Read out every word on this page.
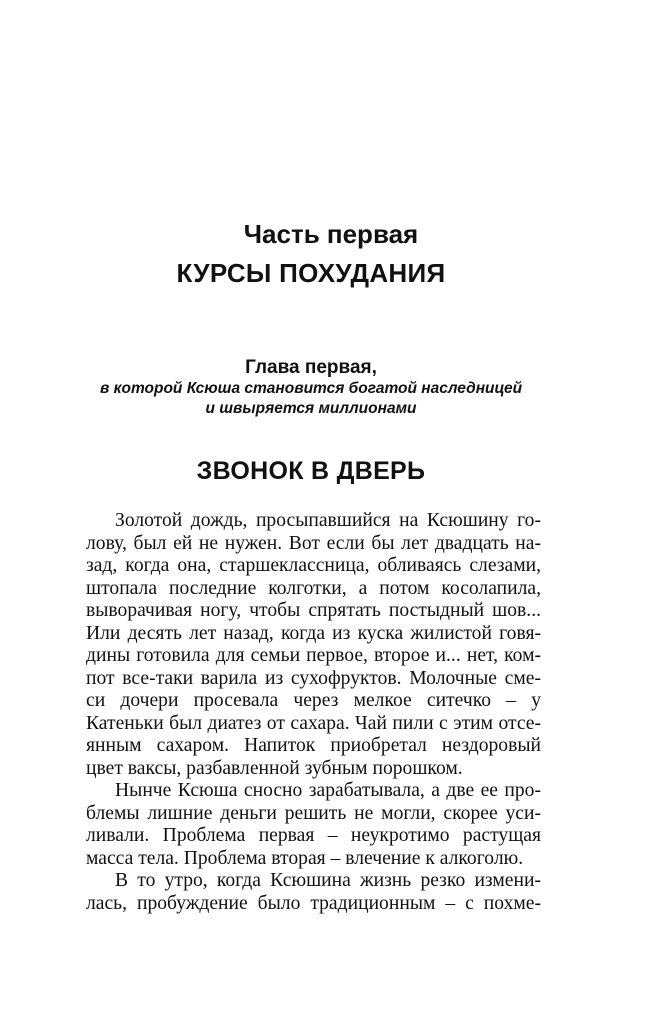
Часть первая
КУРСЫ ПОХУДАНИЯ
Глава первая,
в которой Ксюша становится богатой наследницей
и швыряется миллионами
ЗВОНОК В ДВЕРЬ
Золотой дождь, просыпавшийся на Ксюшину го-
лову, был ей не нужен. Вот если бы лет двадцать на-
зад, когда она, старшеклассница, обливаясь слезами,
штопала последние колготки, а потом косолапила,
выворачивая ногу, чтобы спрятать постыдный шов...
Или десять лет назад, когда из куска жилистой говя-
дины готовила для семьи первое, второе и... нет, ком-
пот все-таки варила из сухофруктов. Молочные сме-
си дочери просевала через мелкое ситечко – у
Катеньки был диатез от сахара. Чай пили с этим отсе-
янным сахаром. Напиток приобретал нездоровый
цвет ваксы, разбавленной зубным порошком.
Нынче Ксюша сносно зарабатывала, а две ее про-
блемы лишние деньги решить не могли, скорее уси-
ливали. Проблема первая – неукротимо растущая
масса тела. Проблема вторая – влечение к алкоголю.
В то утро, когда Ксюшина жизнь резко измени-
лась, пробуждение было традиционным – с похме-
